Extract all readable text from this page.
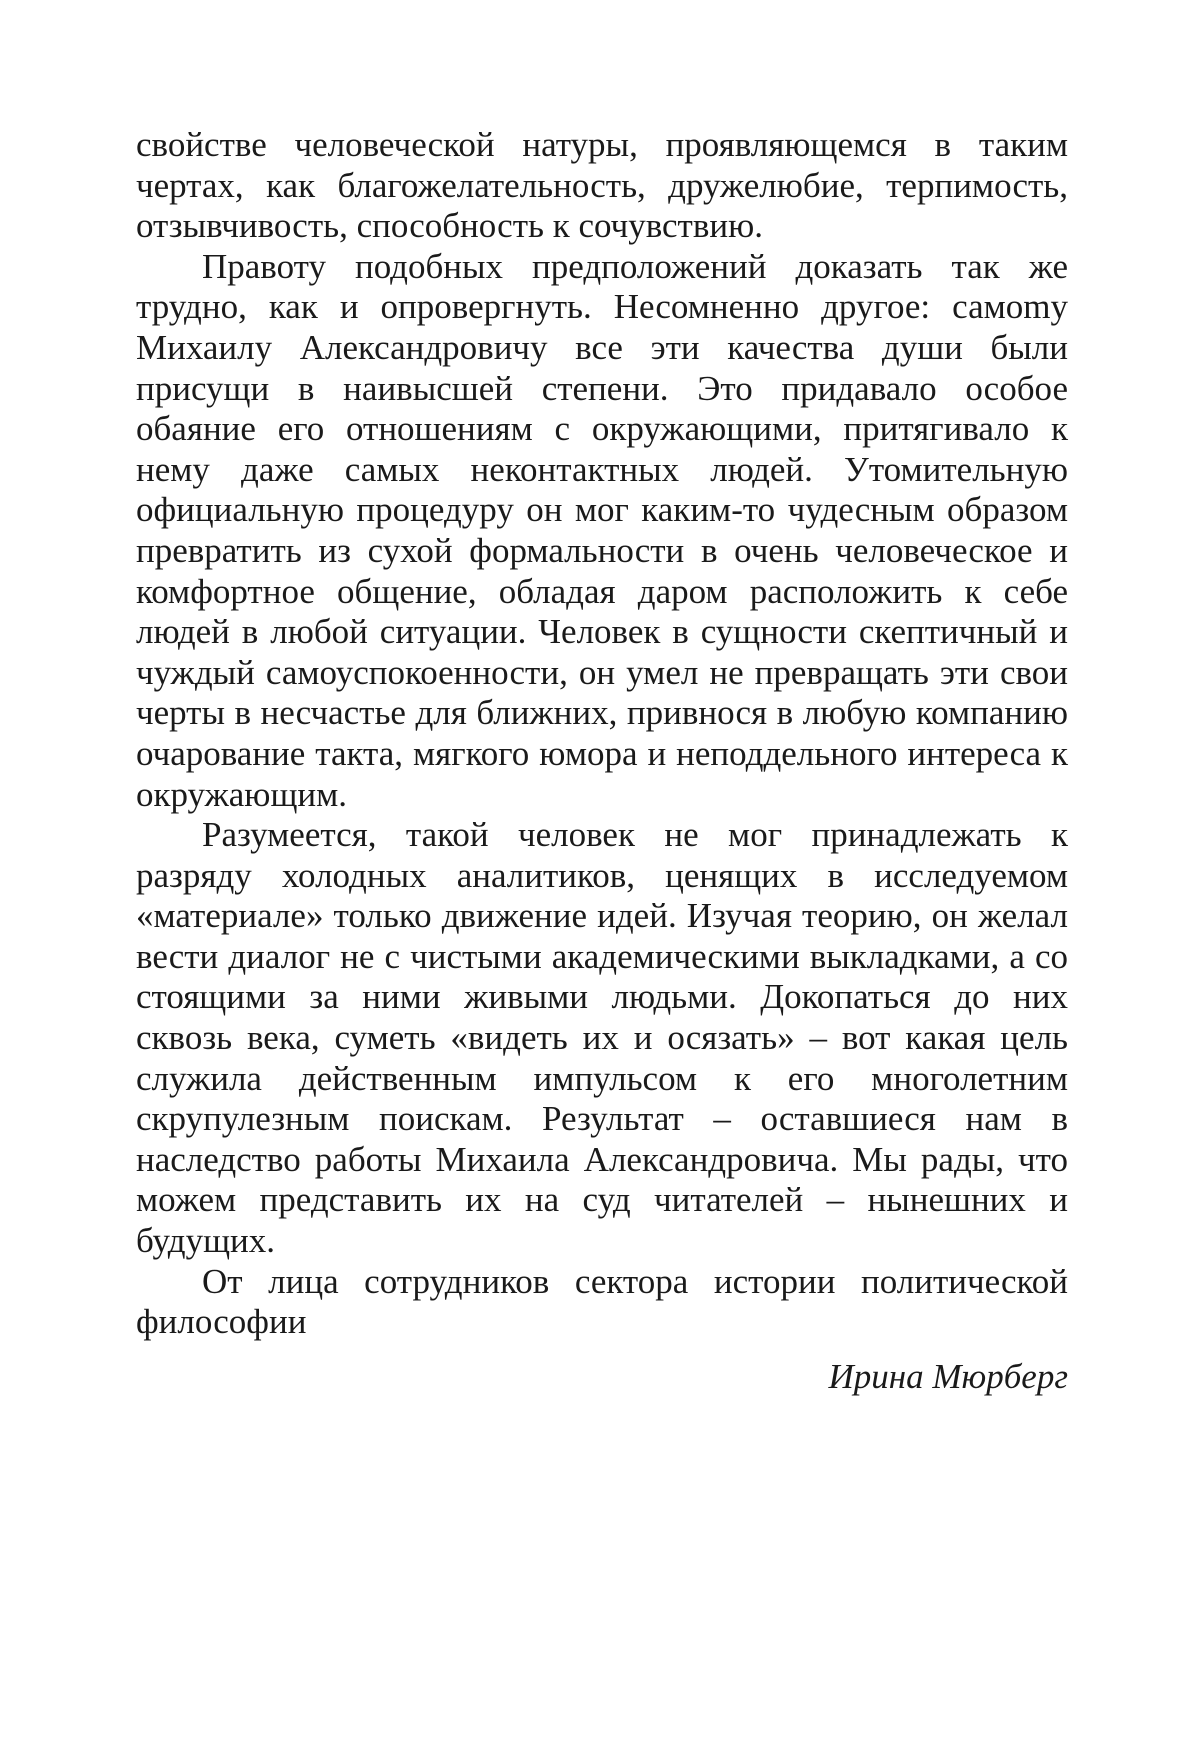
свойстве человеческой натуры, проявляющемся в таким чертах, как благожелательность, дружелюбие, терпимость, отзывчивость, способность к сочувствию.

Правоту подобных предположений доказать так же трудно, как и опровергнуть. Несомненно другое: самоmу Михаилу Александровичу все эти качества души были присущи в наивысшей степени. Это придавало особое обаяние его отношениям с окружающими, притягивало к нему даже самых неконтактных людей. Утомительную официальную процедуру он мог каким-то чудесным образом превратить из сухой формальности в очень человеческое и комфортное общение, обладая даром расположить к себе людей в любой ситуации. Человек в сущности скептичный и чуждый самоуспокоенности, он умел не превращать эти свои черты в несчастье для ближних, привнося в любую компанию очарование такта, мягкого юмора и неподдельного интереса к окружающим.

Разумеется, такой человек не мог принадлежать к разряду холодных аналитиков, ценящих в исследуемом «материале» только движение идей. Изучая теорию, он желал вести диалог не с чистыми академическими выкладками, а со стоящими за ними живыми людьми. Докопаться до них сквозь века, суметь «видеть их и осязать» – вот какая цель служила действенным импульсом к его многолетним скрупулезным поискам. Результат – оставшиеся нам в наследство работы Михаила Александровича. Мы рады, что можем представить их на суд читателей – нынешних и будущих.

От лица сотрудников сектора истории политической философии

Ирина Мюрберг
